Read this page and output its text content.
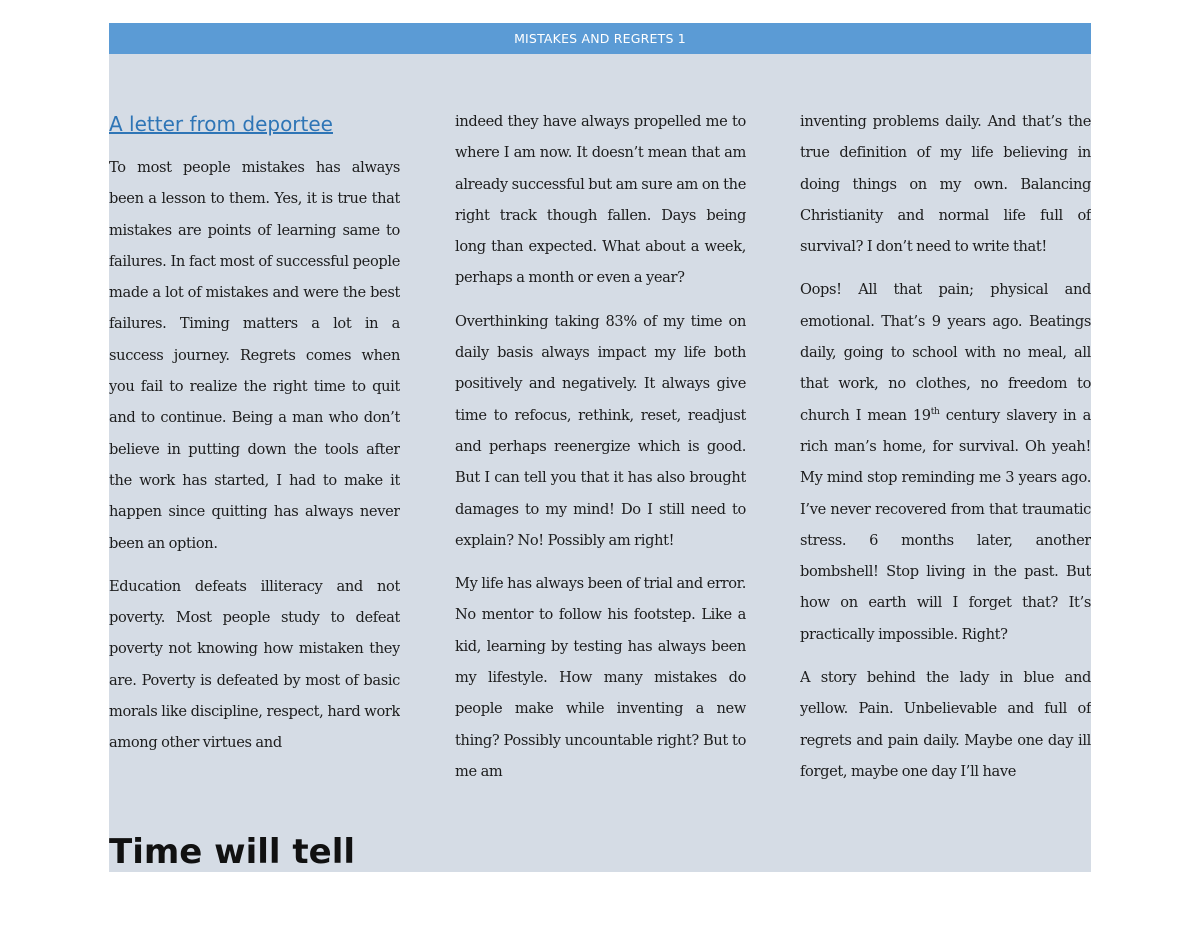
MISTAKES AND REGRETS 1
A letter from deportee

To most people mistakes has always been a lesson to them. Yes, it is true that mistakes are points of learning same to failures. In fact most of successful people made a lot of mistakes and were the best failures. Timing matters a lot in a success journey. Regrets comes when you fail to realize the right time to quit and to continue. Being a man who don’t believe in putting down the tools after the work has started, I had to make it happen since quitting has always never been an option.

Education defeats illiteracy and not poverty. Most people study to defeat poverty not knowing how mistaken they are. Poverty is defeated by most of basic morals like discipline, respect, hard work among other virtues and

indeed they have always propelled me to where I am now. It doesn’t mean that am already successful but am sure am on the right track though fallen. Days being long than expected. What about a week, perhaps a month or even a year?

Overthinking taking 83% of my time on daily basis always impact my life both positively and negatively. It always give time to refocus, rethink, reset, readjust and perhaps reenergize which is good. But I can tell you that it has also brought damages to my mind! Do I still need to explain? No! Possibly am right!

My life has always been of trial and error. No mentor to follow his footstep. Like a kid, learning by testing has always been my lifestyle. How many mistakes do people make while inventing a new thing? Possibly uncountable right? But to me am

inventing problems daily. And that’s the true definition of my life believing in doing things on my own. Balancing Christianity and normal life full of survival? I don’t need to write that!

Oops! All that pain; physical and emotional. That’s 9 years ago. Beatings daily, going to school with no meal, all that work, no clothes, no freedom to church I mean 19th century slavery in a rich man’s home, for survival. Oh yeah! My mind stop reminding me 3 years ago. I’ve never recovered from that traumatic stress. 6 months later, another bombshell! Stop living in the past. But how on earth will I forget that? It’s practically impossible. Right?

A story behind the lady in blue and yellow. Pain. Unbelievable and full of regrets and pain daily. Maybe one day ill forget, maybe one day I’ll have

Time will tell
